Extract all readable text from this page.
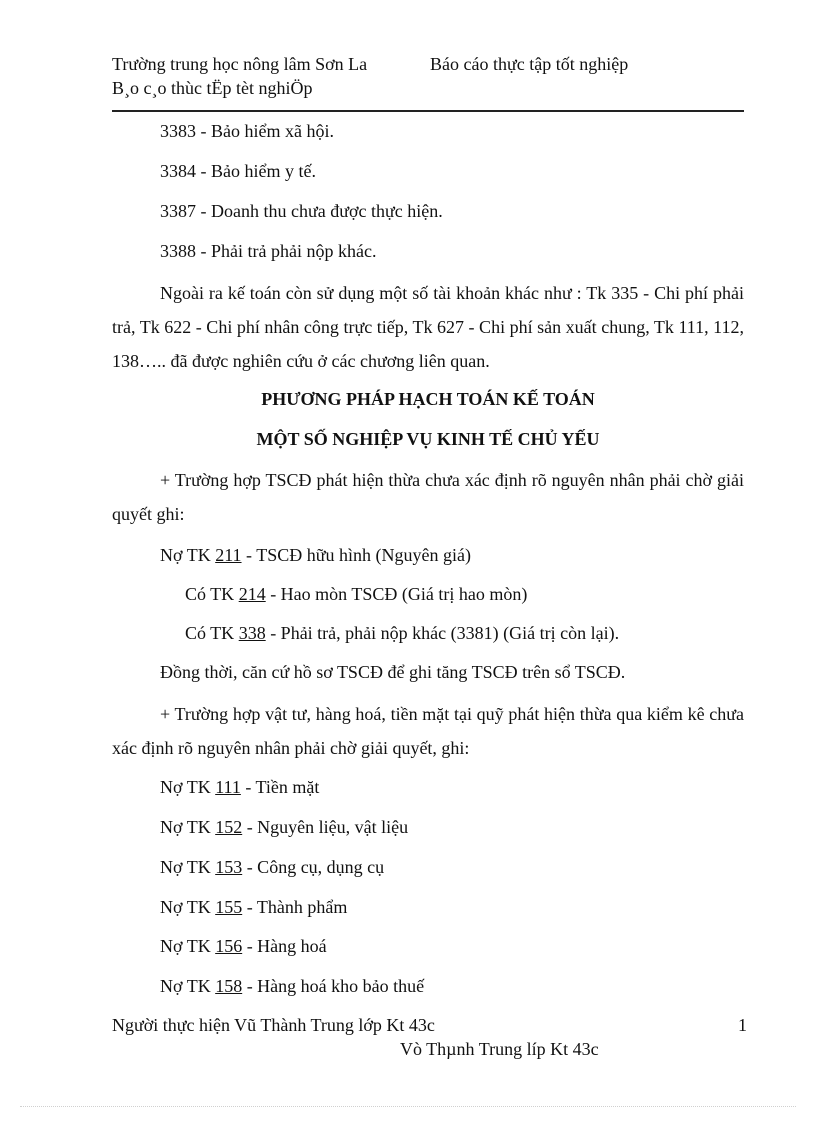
Trường trung học nông lâm Sơn La	Báo cáo thực tập tốt nghiệp
B¸o c¸o thùc tËp tèt nghiÖp
3383 - Bảo hiểm xã hội.
3384 - Bảo hiểm y tế.
3387 - Doanh thu chưa được thực hiện.
3388 - Phải trả phải nộp khác.

Ngoài ra kế toán còn sử dụng một số tài khoản khác như : Tk 335 - Chi phí phải trả, Tk 622 - Chi phí nhân công trực tiếp, Tk 627 - Chi phí sản xuất chung, Tk 111, 112, 138….. đã được nghiên cứu ở các chương liên quan.

PHƯƠNG PHÁP HẠCH TOÁN KẾ TOÁN
MỘT SỐ NGHIỆP VỤ KINH TẾ CHỦ YẾU

+ Trường hợp TSCĐ phát hiện thừa chưa xác định rõ nguyên nhân phải chờ giải quyết ghi:

Nợ TK 211 - TSCĐ hữu hình (Nguyên giá)
Có TK 214 - Hao mòn TSCĐ (Giá trị hao mòn)
Có TK 338 - Phải trả, phải nộp khác (3381) (Giá trị còn lại).
Đồng thời, căn cứ hồ sơ TSCĐ để ghi tăng TSCĐ trên sổ TSCĐ.

+ Trường hợp vật tư, hàng hoá, tiền mặt tại quỹ phát hiện thừa qua kiểm kê chưa xác định rõ nguyên nhân phải chờ giải quyết, ghi:

Nợ TK 111 - Tiền mặt
Nợ TK 152 - Nguyên liệu, vật liệu
Nợ TK 153 - Công cụ, dụng cụ
Nợ TK 155 - Thành phẩm
Nợ TK 156 - Hàng hoá
Nợ TK 158 - Hàng hoá kho bảo thuế
Người thực hiện Vũ Thành Trung lớp Kt 43c	1
Vò Thµnh Trung líp Kt 43c
